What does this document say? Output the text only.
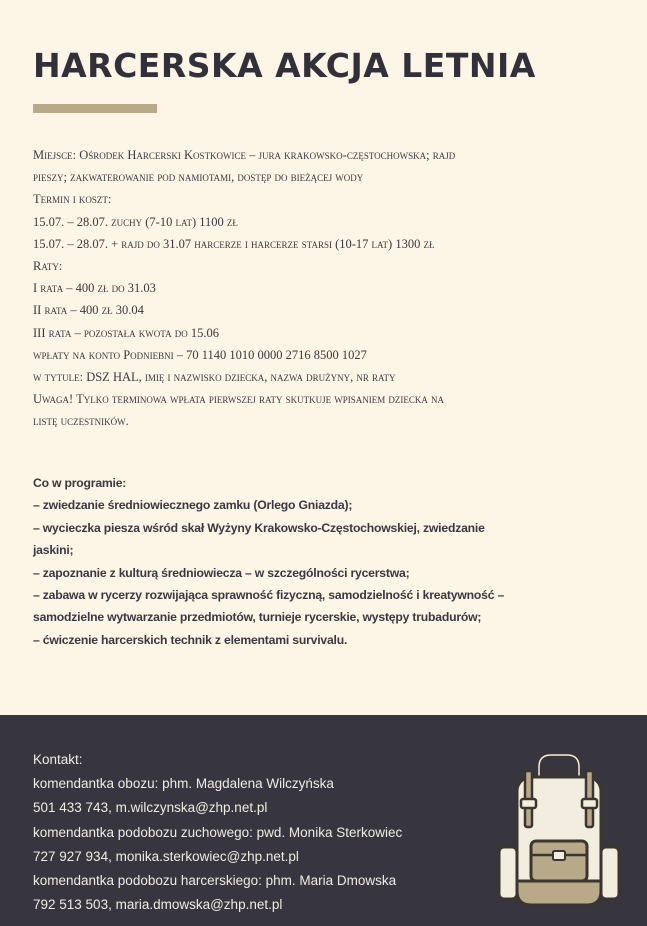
HARCERSKA AKCJA LETNIA
Miejsce: Ośrodek Harcerski Kostkowice – jura krakowsko-częstochowska; rajd
pieszy; zakwaterowanie pod namiotami, dostęp do bieżącej wody
Termin i koszt:
15.07. – 28.07. zuchy (7-10 lat) 1100 zł
15.07. – 28.07. + rajd do 31.07 harcerze i harcerze starsi (10-17 lat) 1300 zł
Raty:
I rata – 400 zł do 31.03
II rata – 400 zł 30.04
III rata – pozostała kwota do 15.06
wpłaty na konto Podniebni – 70 1140 1010 0000 2716 8500 1027
w tytule: DSZ HAL, imię i nazwisko dziecka, nazwa drużyny, nr raty
Uwaga! Tylko terminowa wpłata pierwszej raty skutkuje wpisaniem dziecka na
listę uczestników.
Co w programie:
– zwiedzanie średniowiecznego zamku (Orlego Gniazda);
– wycieczka piesza wśród skał Wyżyny Krakowsko-Częstochowskiej, zwiedzanie
jaskini;
– zapoznanie z kulturą średniowiecza – w szczególności rycerstwa;
– zabawa w rycerzy rozwijająca sprawność fizyczną, samodzielność i kreatywność –
samodzielne wytwarzanie przedmiotów, turnieje rycerskie, występy trubadurów;
– ćwiczenie harcerskich technik z elementami survivalu.
Kontakt:
komendantka obozu: phm. Magdalena Wilczyńska
501 433 743, m.wilczynska@zhp.net.pl
komendantka podobozu zuchowego: pwd. Monika Sterkowiec
727 927 934, monika.sterkowiec@zhp.net.pl
komendantka podobozu harcerskiego: phm. Maria Dmowska
792 513 503, maria.dmowska@zhp.net.pl
